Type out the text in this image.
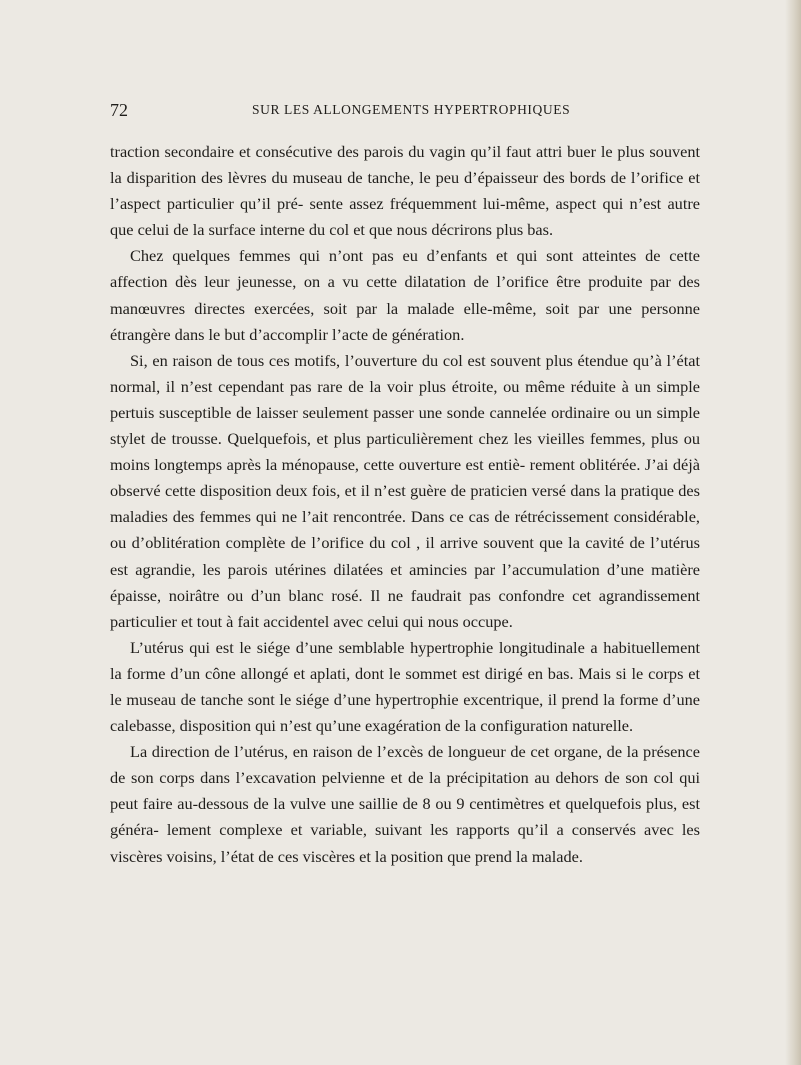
72	SUR LES ALLONGEMENTS HYPERTROPHIQUES

traction secondaire et consécutive des parois du vagin qu’il faut attri buer le plus souvent la disparition des lèvres du museau de tanche, le peu d’épaisseur des bords de l’orifice et l’aspect particulier qu’il pré- sente assez fréquemment lui-même, aspect qui n’est autre que celui de la surface interne du col et que nous décrirons plus bas.

Chez quelques femmes qui n’ont pas eu d’enfants et qui sont atteintes de cette affection dès leur jeunesse, on a vu cette dilatation de l’orifice être produite par des manœuvres directes exercées, soit par la malade elle-même, soit par une personne étrangère dans le but d’accomplir l’acte de génération.

Si, en raison de tous ces motifs, l’ouverture du col est souvent plus étendue qu’à l’état normal, il n’est cependant pas rare de la voir plus étroite, ou même réduite à un simple pertuis susceptible de laisser seulement passer une sonde cannelée ordinaire ou un simple stylet de trousse. Quelquefois, et plus particulièrement chez les vieilles femmes, plus ou moins longtemps après la ménopause, cette ouverture est entiè- rement oblitérée. J’ai déjà observé cette disposition deux fois, et il n’est guère de praticien versé dans la pratique des maladies des femmes qui ne l’ait rencontrée. Dans ce cas de rétrécissement considérable, ou d’oblitération complète de l’orifice du col , il arrive souvent que la cavité de l’utérus est agrandie, les parois utérines dilatées et amincies par l’accumulation d’une matière épaisse, noirâtre ou d’un blanc rosé. Il ne faudrait pas confondre cet agrandissement particulier et tout à fait accidentel avec celui qui nous occupe.

L’utérus qui est le siége d’une semblable hypertrophie longitudinale a habituellement la forme d’un cône allongé et aplati, dont le sommet est dirigé en bas. Mais si le corps et le museau de tanche sont le siége d’une hypertrophie excentrique, il prend la forme d’une calebasse, disposition qui n’est qu’une exagération de la configuration naturelle.

La direction de l’utérus, en raison de l’excès de longueur de cet organe, de la présence de son corps dans l’excavation pelvienne et de la précipitation au dehors de son col qui peut faire au-dessous de la vulve une saillie de 8 ou 9 centimètres et quelquefois plus, est généra- lement complexe et variable, suivant les rapports qu’il a conservés avec les viscères voisins, l’état de ces viscères et la position que prend la malade.
